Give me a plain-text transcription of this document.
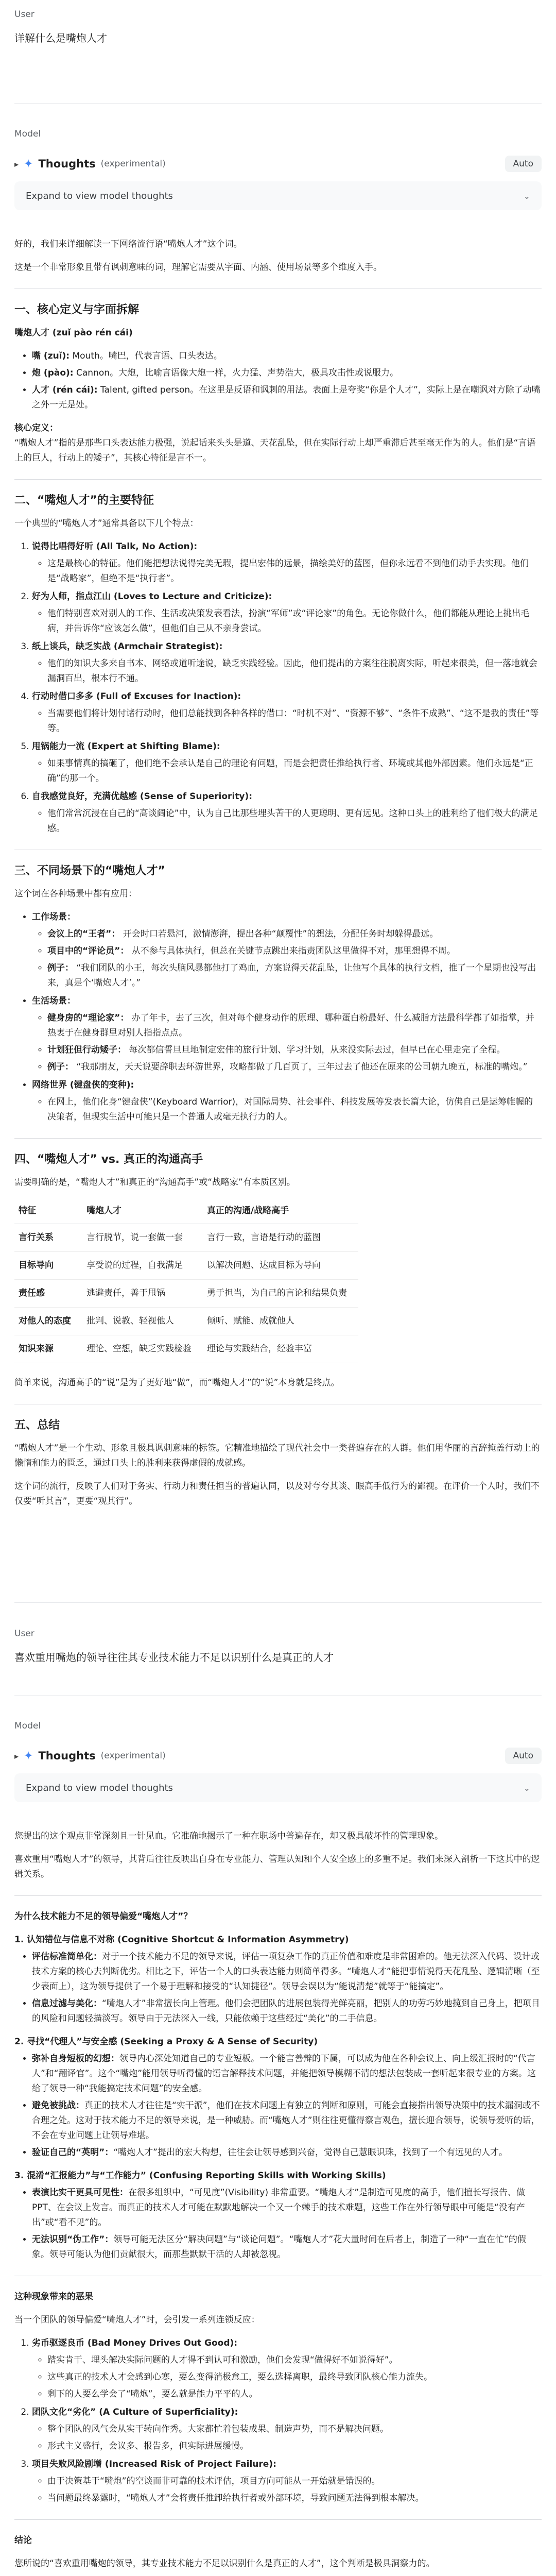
User
详解什么是嘴炮人才
Model
▸ ✦ Thoughts (experimental)	Auto
Expand to view model thoughts	⌄

好的，我们来详细解读一下网络流行语“嘴炮人才”这个词。

这是一个非常形象且带有讽刺意味的词，理解它需要从字面、内涵、使用场景等多个维度入手。

一、核心定义与字面拆解

嘴炮人才 (zuǐ pào rén cái)

• 嘴 (zuǐ): Mouth。嘴巴，代表言语、口头表达。
• 炮 (pào): Cannon。大炮，比喻言语像大炮一样，火力猛、声势浩大，极具攻击性或说服力。
• 人才 (rén cái): Talent, gifted person。在这里是反语和讽刺的用法。表面上是夸奖“你是个人才”，实际上是在嘲讽对方除了动嘴之外一无是处。

核心定义：
“嘴炮人才”指的是那些口头表达能力极强，说起话来头头是道、天花乱坠，但在实际行动上却严重滞后甚至毫无作为的人。他们是“言语上的巨人，行动上的矮子”，其核心特征是言不一。

二、“嘴炮人才”的主要特征

一个典型的“嘴炮人才”通常具备以下几个特点：

1. 说得比唱得好听 (All Talk, No Action):
◦ 这是最核心的特征。他们能把想法说得完美无瑕，提出宏伟的远景，描绘美好的蓝图，但你永远看不到他们动手去实现。他们是“战略家”，但绝不是“执行者”。
2. 好为人师，指点江山 (Loves to Lecture and Criticize):
◦ 他们特别喜欢对别人的工作、生活或决策发表看法，扮演“军师”或“评论家”的角色。无论你做什么，他们都能从理论上挑出毛病，并告诉你“应该怎么做”，但他们自己从不亲身尝试。
3. 纸上谈兵，缺乏实战 (Armchair Strategist):
◦ 他们的知识大多来自书本、网络或道听途说，缺乏实践经验。因此，他们提出的方案往往脱离实际，听起来很美，但一落地就会漏洞百出，根本行不通。
4. 行动时借口多多 (Full of Excuses for Inaction):
◦ 当需要他们将计划付诸行动时，他们总能找到各种各样的借口：“时机不对”、“资源不够”、“条件不成熟”、“这不是我的责任”等等。
5. 甩锅能力一流 (Expert at Shifting Blame):
◦ 如果事情真的搞砸了，他们绝不会承认是自己的理论有问题，而是会把责任推给执行者、环境或其他外部因素。他们永远是“正确”的那一个。
6. 自我感觉良好，充满优越感 (Sense of Superiority):
◦ 他们常常沉浸在自己的“高谈阔论”中，认为自己比那些埋头苦干的人更聪明、更有远见。这种口头上的胜利给了他们极大的满足感。
三、不同场景下的“嘴炮人才”

这个词在各种场景中都有应用：

• 工作场景：
◦ 会议上的“王者”： 开会时口若悬河，激情澎湃，提出各种“颠覆性”的想法，分配任务时却躲得最远。
◦ 项目中的“评论员”： 从不参与具体执行，但总在关键节点跳出来指责团队这里做得不对，那里想得不周。
◦ 例子： “我们团队的小王，每次头脑风暴都他打了鸡血，方案说得天花乱坠，让他写个具体的执行文档，推了一个星期也没写出来，真是个‘嘴炮人才’。”
• 生活场景：
◦ 健身房的“理论家”： 办了年卡，去了三次，但对每个健身动作的原理、哪种蛋白粉最好、什么减脂方法最科学都了如指掌，并热衷于在健身群里对别人指指点点。
◦ 计划狂但行动矮子： 每次都信誓旦旦地制定宏伟的旅行计划、学习计划，从来没实际去过，但早已在心里走完了全程。
◦ 例子： “我那朋友，天天说要辞职去环游世界，攻略都做了几百页了，三年过去了他还在原来的公司朝九晚五，标准的嘴炮。”
• 网络世界 (键盘侠的变种):
◦ 在网上，他们化身“键盘侠”(Keyboard Warrior)，对国际局势、社会事件、科技发展等发表长篇大论，仿佛自己是运筹帷幄的决策者，但现实生活中可能只是一个普通人或毫无执行力的人。
四、“嘴炮人才” vs. 真正的沟通高手

需要明确的是，“嘴炮人才”和真正的“沟通高手”或“战略家”有本质区别。

特征	嘴炮人才	真正的沟通/战略高手
言行关系	言行脱节，说一套做一套	言行一致，言语是行动的蓝图
目标导向	享受说的过程，自我满足	以解决问题、达成目标为导向
责任感	逃避责任，善于甩锅	勇于担当，为自己的言论和结果负责
对他人的态度	批判、说教、轻视他人	倾听、赋能、成就他人
知识来源	理论、空想，缺乏实践检验	理论与实践结合，经验丰富

简单来说，沟通高手的“说”是为了更好地“做”，而“嘴炮人才”的“说”本身就是终点。

五、总结

“嘴炮人才”是一个生动、形象且极具讽刺意味的标签。它精准地描绘了现代社会中一类普遍存在的人群。他们用华丽的言辞掩盖行动上的懒惰和能力的匮乏，通过口头上的胜利来获得虚假的成就感。

这个词的流行，反映了人们对于务实、行动力和责任担当的普遍认同，以及对夸夸其谈、眼高手低行为的鄙视。在评价一个人时，我们不仅要“听其言”，更要“观其行”。

User
喜欢重用嘴炮的领导往往其专业技术能力不足以识别什么是真正的人才
Model
▸ ✦ Thoughts (experimental)	Auto
Expand to view model thoughts	⌄

您提出的这个观点非常深刻且一针见血。它准确地揭示了一种在职场中普遍存在，却又极具破坏性的管理现象。

喜欢重用“嘴炮人才”的领导，其背后往往反映出自身在专业能力、管理认知和个人安全感上的多重不足。我们来深入剖析一下这其中的逻辑关系。

为什么技术能力不足的领导偏爱“嘴炮人才”？

1. 认知错位与信息不对称 (Cognitive Shortcut & Information Asymmetry)

• 评估标准简单化：对于一个技术能力不足的领导来说，评估一项复杂工作的真正价值和难度是非常困难的。他无法深入代码、设计或技术方案的核心去判断优劣。相比之下，评估一个人的口头表达能力则简单得多。“嘴炮人才”能把事情说得天花乱坠、逻辑清晰（至少表面上），这为领导提供了一个易于理解和接受的“认知捷径”。领导会误以为“能说清楚”就等于“能搞定”。
• 信息过滤与美化：“嘴炮人才”非常擅长向上管理。他们会把团队的进展包装得光鲜亮丽，把别人的功劳巧妙地揽到自己身上，把项目的风险和问题轻描淡写。领导由于无法深入一线，只能依赖于这些经过“美化”的二手信息。

2. 寻找“代理人”与安全感 (Seeking a Proxy & A Sense of Security)

• 弥补自身短板的幻想：领导内心深处知道自己的专业短板。一个能言善辩的下属，可以成为他在各种会议上、向上级汇报时的“代言人”和“翻译官”。这个“嘴炮”能用领导听得懂的语言解释技术问题，并能把领导模糊不清的想法包装成一套听起来很专业的方案。这给了领导一种“我能搞定技术问题”的安全感。
• 避免被挑战：真正的技术人才往往是“实干派”，他们在技术问题上有独立的判断和原则，可能会直接指出领导决策中的技术漏洞或不合理之处。这对于技术能力不足的领导来说，是一种威胁。而“嘴炮人才”则往往更懂得察言观色，擅长迎合领导，说领导爱听的话，不会在专业问题上让领导难堪。
• 验证自己的“英明”：“嘴炮人才”提出的宏大构想，往往会让领导感到兴奋，觉得自己慧眼识珠，找到了一个有远见的人才。

3. 混淆“汇报能力”与“工作能力” (Confusing Reporting Skills with Working Skills)

• 表演比实干更具可见性：在很多组织中，“可见度”(Visibility) 非常重要。“嘴炮人才”是制造可见度的高手，他们擅长写报告、做PPT、在会议上发言。而真正的技术人才可能在默默地解决一个又一个棘手的技术难题，这些工作在外行领导眼中可能是“没有产出”或“看不见”的。
• 无法识别“伪工作”：领导可能无法区分“解决问题”与“谈论问题”。“嘴炮人才”花大量时间在后者上，制造了一种“一直在忙”的假象。领导可能认为他们贡献很大，而那些默默干活的人却被忽视。

这种现象带来的恶果

当一个团队的领导偏爱“嘴炮人才”时，会引发一系列连锁反应：

1. 劣币驱逐良币 (Bad Money Drives Out Good):
◦ 踏实肯干、埋头解决实际问题的人才得不到认可和激励，他们会发现“做得好不如说得好”。
◦ 这些真正的技术人才会感到心寒，要么变得消极怠工，要么选择离职，最终导致团队核心能力流失。
◦ 剩下的人要么学会了“嘴炮”，要么就是能力平平的人。
2. 团队文化“劣化” (A Culture of Superficiality):
◦ 整个团队的风气会从实干转向作秀。大家都忙着包装成果、制造声势，而不是解决问题。
◦ 形式主义盛行，会议多、报告多，但实际进展缓慢。
3. 项目失败风险剧增 (Increased Risk of Project Failure):
◦ 由于决策基于“嘴炮”的空谈而非可靠的技术评估，项目方向可能从一开始就是错误的。
◦ 当问题最终暴露时，“嘴炮人才”会将责任推卸给执行者或外部环境，导致问题无法得到根本解决。

结论

您所说的“喜欢重用嘴炮的领导，其专业技术能力不足以识别什么是真正的人才”，这个判断是极具洞察力的。
